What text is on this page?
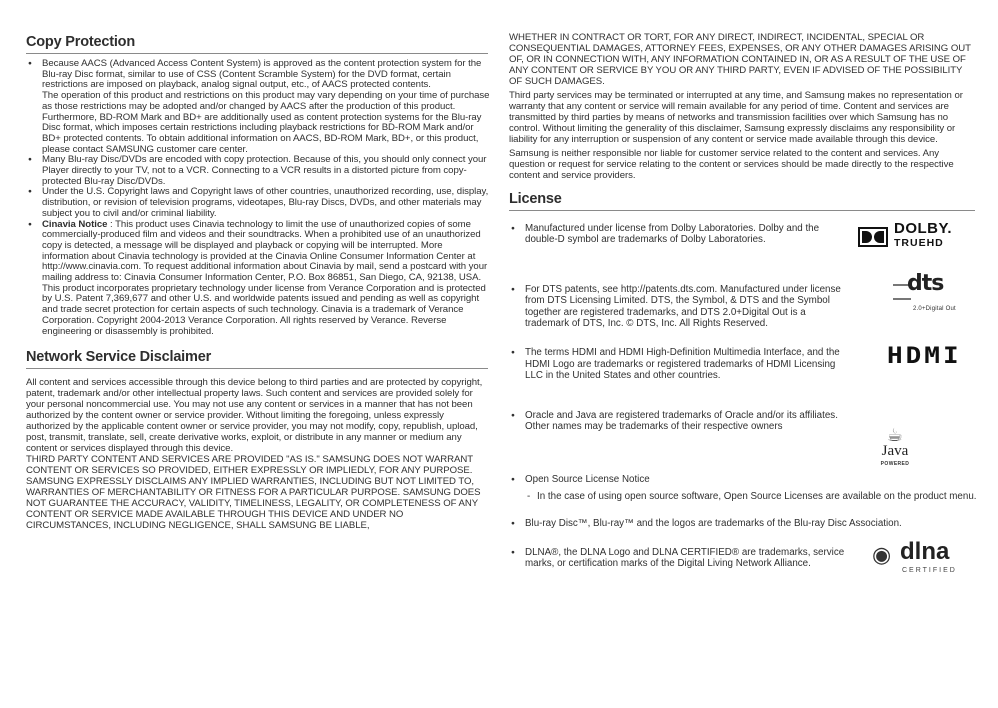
Copy Protection

● Because AACS (Advanced Access Content System) is approved as the content protection system for the Blu-ray Disc format, similar to use of CSS (Content Scramble System) for the DVD format, certain restrictions are imposed on playback, analog signal output, etc., of AACS protected contents.

The operation of this product and restrictions on this product may vary depending on your time of purchase as those restrictions may be adopted and/or changed by AACS after the production of this product. Furthermore, BD-ROM Mark and BD+ are additionally used as content protection systems for the Blu-ray Disc format, which imposes certain restrictions including playback restrictions for BD-ROM Mark and/or BD+ protected contents. To obtain additional information on AACS, BD-ROM Mark, BD+, or this product, please contact SAMSUNG customer care center.

● Many Blu-ray Disc/DVDs are encoded with copy protection. Because of this, you should only connect your Player directly to your TV, not to a VCR. Connecting to a VCR results in a distorted picture from copy-protected Blu-ray Disc/DVDs.

● Under the U.S. Copyright laws and Copyright laws of other countries, unauthorized recording, use, display, distribution, or revision of television programs, videotapes, Blu-ray Discs, DVDs, and other materials may subject you to civil and/or criminal liability.

● Cinavia Notice : This product uses Cinavia technology to limit the use of unauthorized copies of some commercially-produced film and videos and their soundtracks. When a prohibited use of an unauthorized copy is detected, a message will be displayed and playback or copying will be interrupted. More information about Cinavia technology is provided at the Cinavia Online Consumer Information Center at http://www.cinavia.com. To request additional information about Cinavia by mail, send a postcard with your mailing address to: Cinavia Consumer Information Center, P.O. Box 86851, San Diego, CA, 92138, USA.

This product incorporates proprietary technology under license from Verance Corporation and is protected by U.S. Patent 7,369,677 and other U.S. and worldwide patents issued and pending as well as copyright and trade secret protection for certain aspects of such technology. Cinavia is a trademark of Verance Corporation. Copyright 2004-2013 Verance Corporation. All rights reserved by Verance. Reverse engineering or disassembly is prohibited.

Network Service Disclaimer

All content and services accessible through this device belong to third parties and are protected by copyright, patent, trademark and/or other intellectual property laws. Such content and services are provided solely for your personal noncommercial use. You may not use any content or services in a manner that has not been authorized by the content owner or service provider. Without limiting the foregoing, unless expressly authorized by the applicable content owner or service provider, you may not modify, copy, republish, upload, post, transmit, translate, sell, create derivative works, exploit, or distribute in any manner or medium any content or services displayed through this device.

THIRD PARTY CONTENT AND SERVICES ARE PROVIDED "AS IS." SAMSUNG DOES NOT WARRANT CONTENT OR SERVICES SO PROVIDED, EITHER EXPRESSLY OR IMPLIEDLY, FOR ANY PURPOSE. SAMSUNG EXPRESSLY DISCLAIMS ANY IMPLIED WARRANTIES, INCLUDING BUT NOT LIMITED TO, WARRANTIES OF MERCHANTABILITY OR FITNESS FOR A PARTICULAR PURPOSE. SAMSUNG DOES NOT GUARANTEE THE ACCURACY, VALIDITY, TIMELINESS, LEGALITY, OR COMPLETENESS OF ANY CONTENT OR SERVICE MADE AVAILABLE THROUGH THIS DEVICE AND UNDER NO CIRCUMSTANCES, INCLUDING NEGLIGENCE, SHALL SAMSUNG BE LIABLE,

WHETHER IN CONTRACT OR TORT, FOR ANY DIRECT, INDIRECT, INCIDENTAL, SPECIAL OR CONSEQUENTIAL DAMAGES, ATTORNEY FEES, EXPENSES, OR ANY OTHER DAMAGES ARISING OUT OF, OR IN CONNECTION WITH, ANY INFORMATION CONTAINED IN, OR AS A RESULT OF THE USE OF ANY CONTENT OR SERVICE BY YOU OR ANY THIRD PARTY, EVEN IF ADVISED OF THE POSSIBILITY OF SUCH DAMAGES.

Third party services may be terminated or interrupted at any time, and Samsung makes no representation or warranty that any content or service will remain available for any period of time. Content and services are transmitted by third parties by means of networks and transmission facilities over which Samsung has no control. Without limiting the generality of this disclaimer, Samsung expressly disclaims any responsibility or liability for any interruption or suspension of any content or service made available through this device.

Samsung is neither responsible nor liable for customer service related to the content and services. Any question or request for service relating to the content or services should be made directly to the respective content and service providers.

License
● Manufactured under license from Dolby Laboratories. Dolby and the double-D symbol are trademarks of Dolby Laboratories.
DOLBY.
TRUEHD
● For DTS patents, see http://patents.dts.com. Manufactured under license from DTS Licensing Limited. DTS, the Symbol, & DTS and the Symbol together are registered trademarks, and DTS 2.0+Digital Out is a trademark of DTS, Inc. © DTS, Inc. All Rights Reserved.
dts
2.0+Digital Out
● The terms HDMI and HDMI High-Definition Multimedia Interface, and the HDMI Logo are trademarks or registered trademarks of HDMI Licensing LLC in the United States and other countries.
HDMI
● Oracle and Java are registered trademarks of Oracle and/or its affiliates. Other names may be trademarks of their respective owners	☕
Java
POWERED
● Open Source License Notice
- In the case of using open source software, Open Source Licenses are available on the product menu.
● Blu-ray Disc™, Blu-ray™ and the logos are trademarks of the Blu-ray Disc Association.
● DLNA®, the DLNA Logo and DLNA CERTIFIED® are trademarks, service marks, or certification marks of the Digital Living Network Alliance.	◉ dlna
CERTIFIED
